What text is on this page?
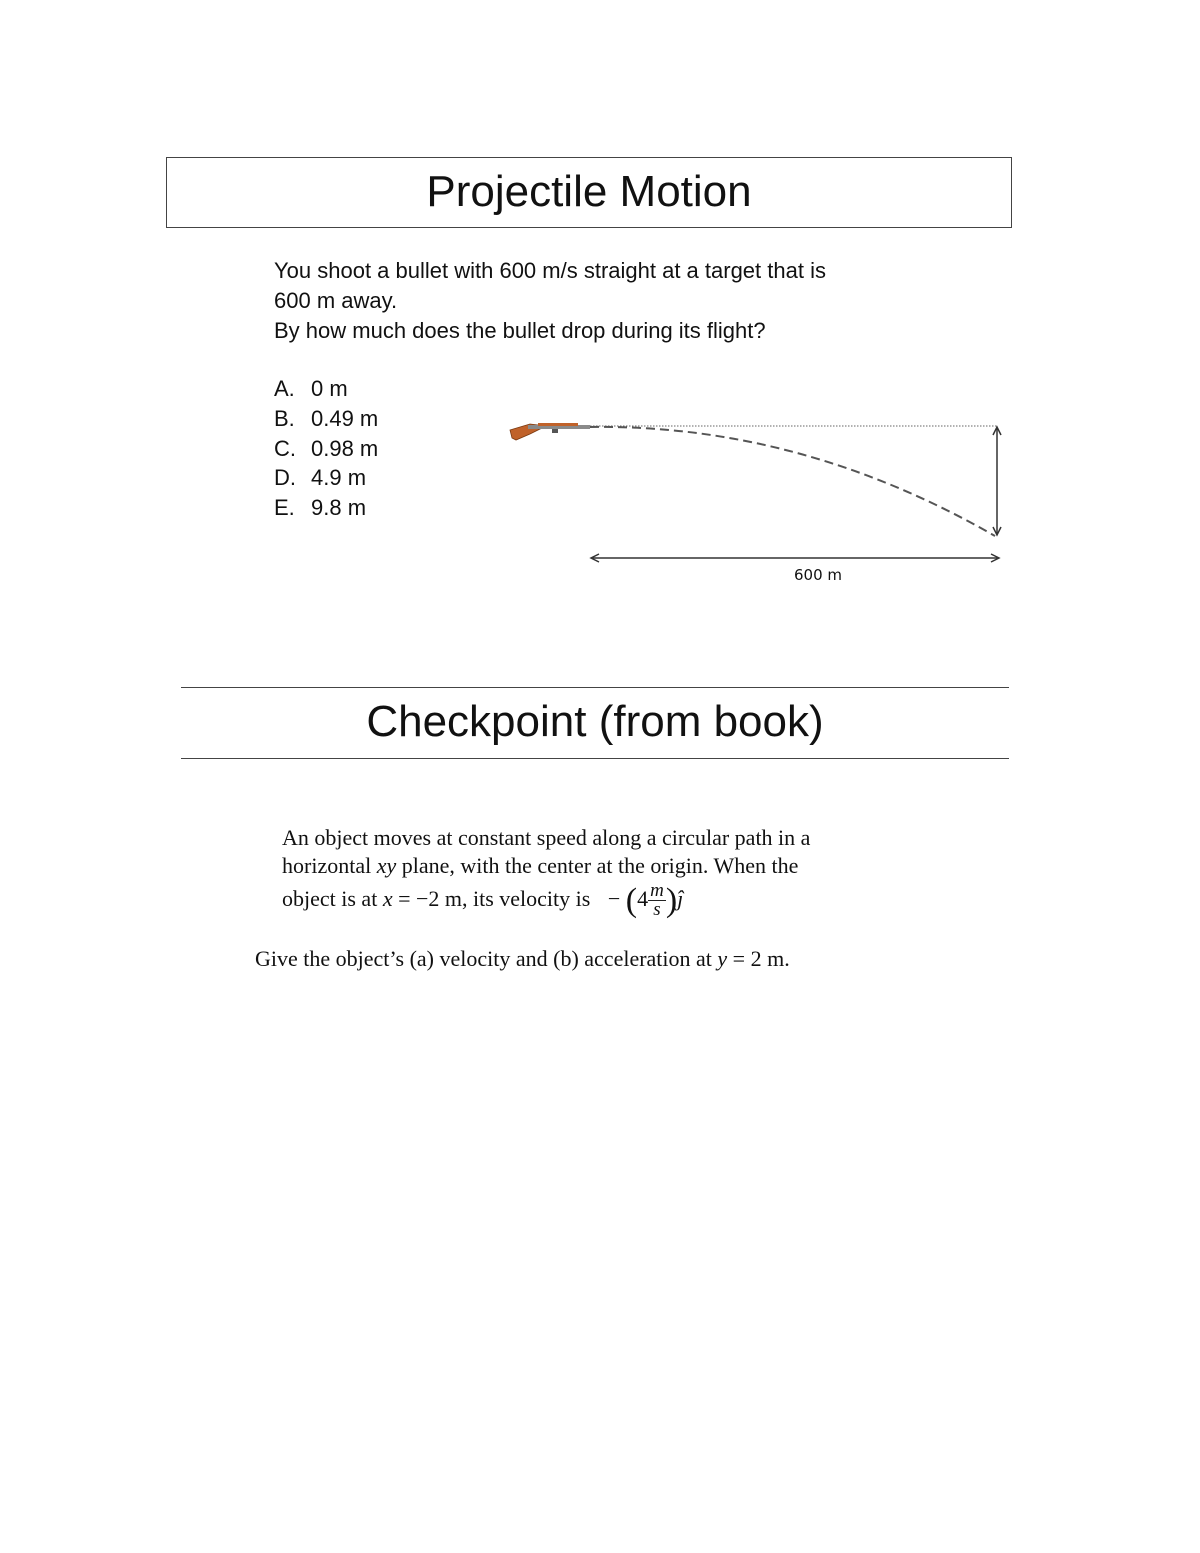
Projectile Motion
You shoot a bullet with 600 m/s straight at a target that is
600 m away.
By how much does the bullet drop during its flight?
A. 0 m
B. 0.49 m
C. 0.98 m
D. 4.9 m
E. 9.8 m
600 m
Checkpoint (from book)
An object moves at constant speed along a circular path in a
horizontal xy plane, with the center at the origin. When the
object is at x = −2 m, its velocity is − ($4 \frac{m}{s}$ )ĵ
Give the object’s (a) velocity and (b) acceleration at y = 2 m.
